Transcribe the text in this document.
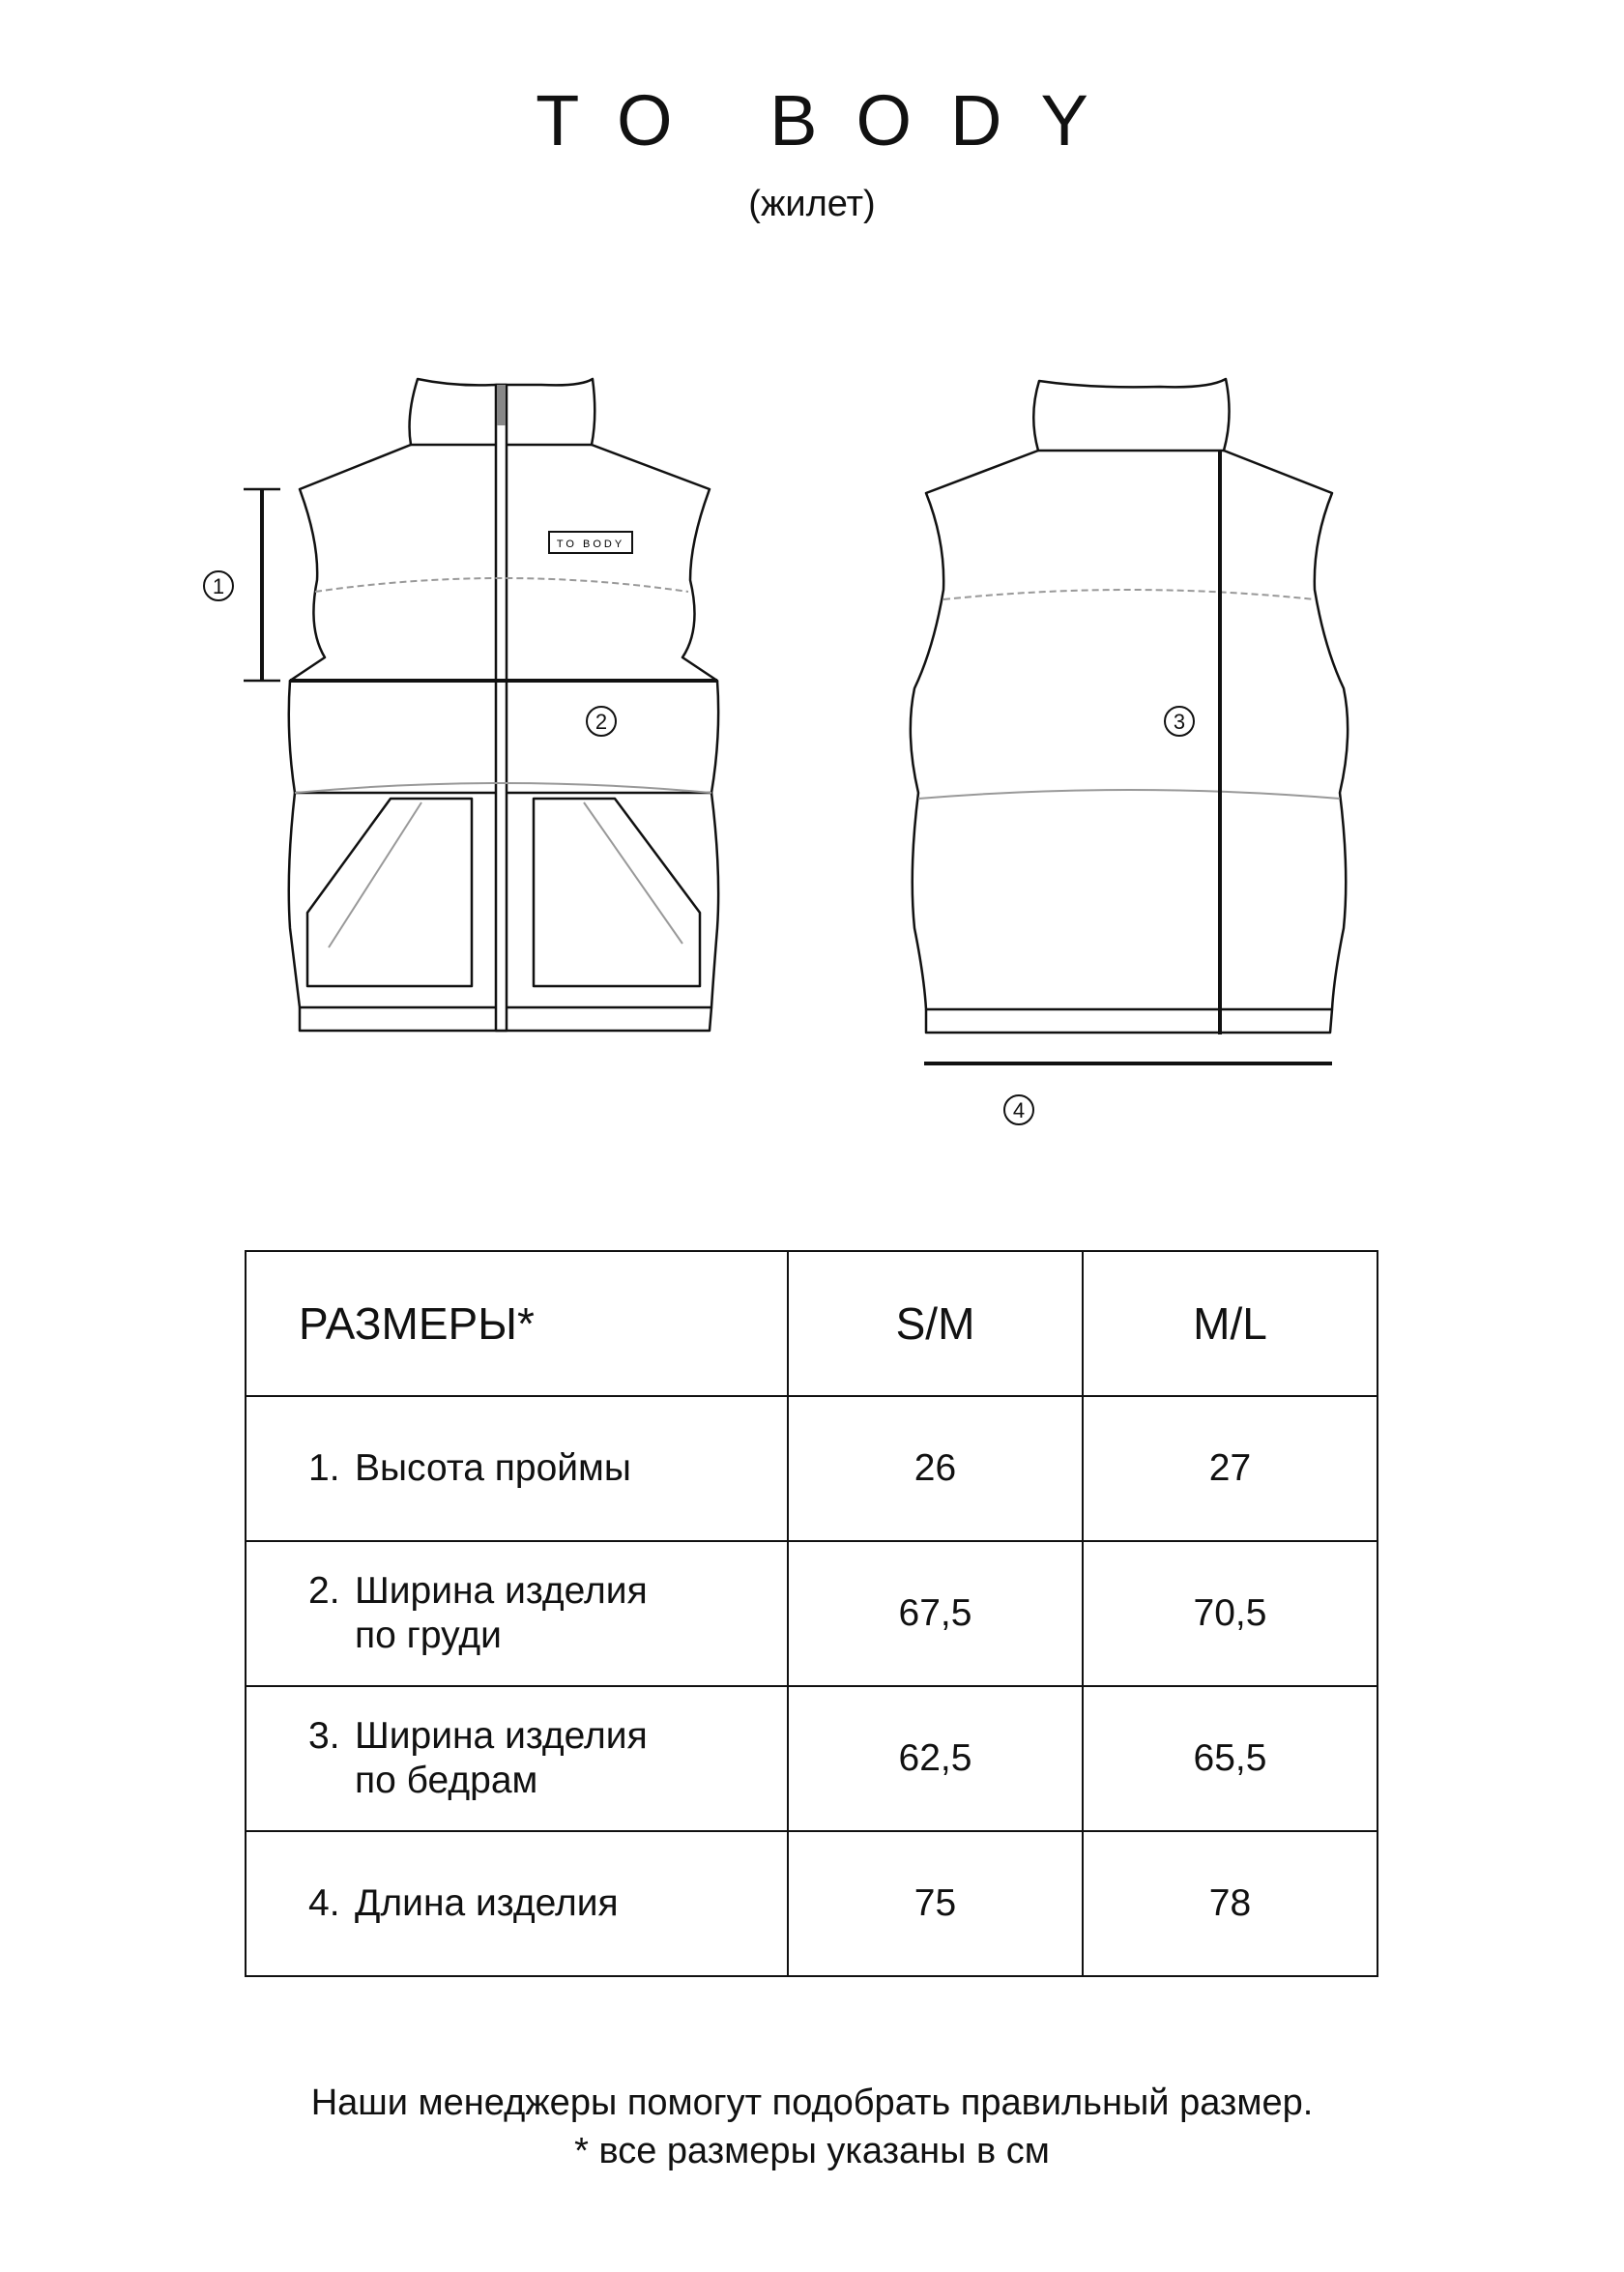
TO BODY
(жилет)
TO BODY
1
2	3
4
РАЗМЕРЫ*	S/M	M/L
1. Высота проймы	26	27
2. Ширина изделия
по груди	67,5	70,5
3. Ширина изделия
по бедрам	62,5	65,5
4. Длина изделия	75	78
Наши менеджеры помогут подобрать правильный размер.
* все размеры указаны в см
